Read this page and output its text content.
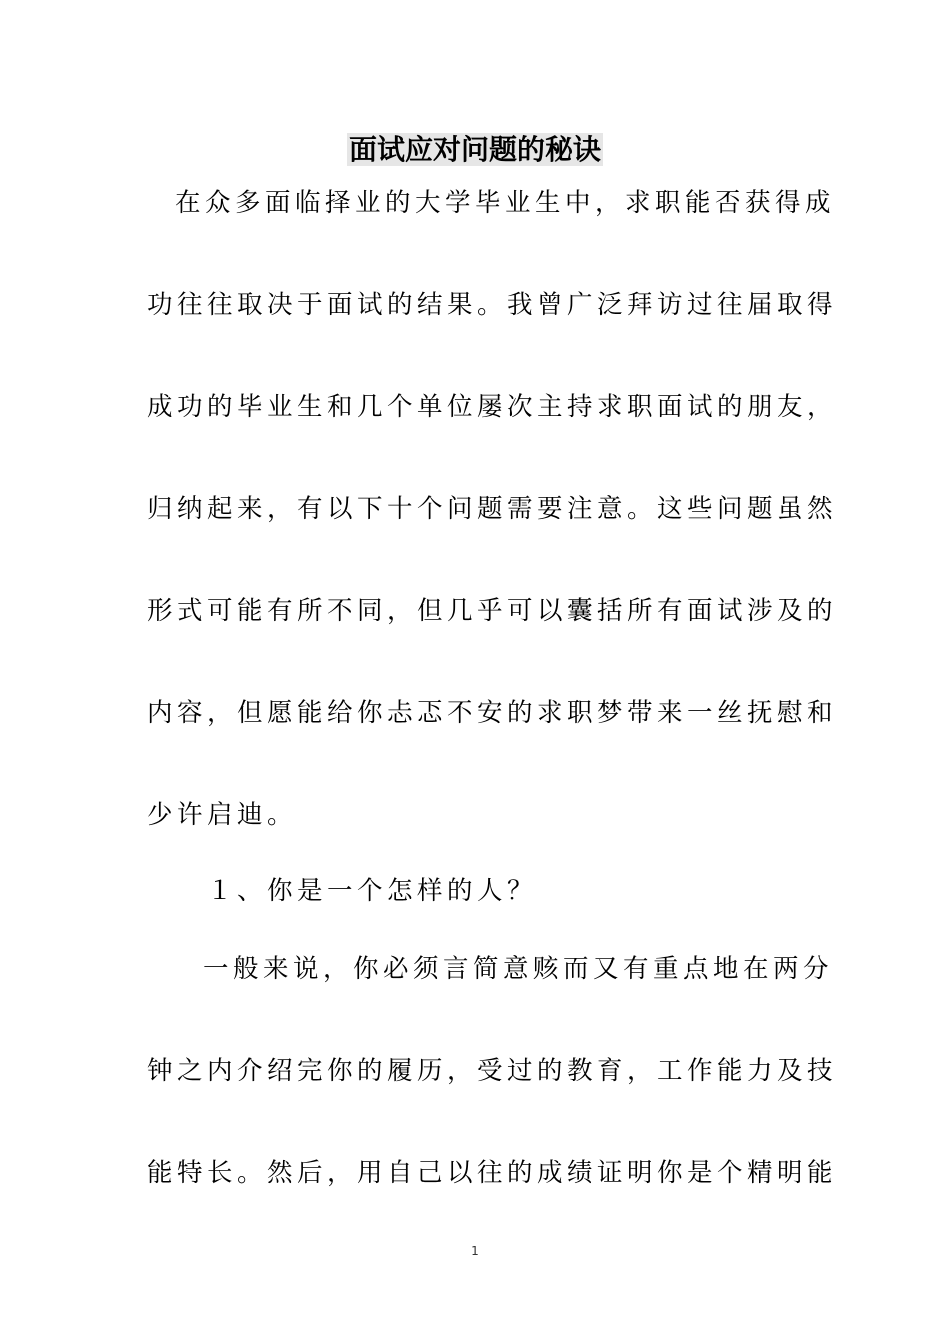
面试应对问题的秘诀

在众多面临择业的大学毕业生中，求职能否获得成
功往往取决于面试的结果。我曾广泛拜访过往届取得
成功的毕业生和几个单位屡次主持求职面试的朋友，
归纳起来，有以下十个问题需要注意。这些问题虽然
形式可能有所不同，但几乎可以囊括所有面试涉及的
内容，但愿能给你忐忑不安的求职梦带来一丝抚慰和
少许启迪。

１、你是一个怎样的人？

一般来说，你必须言简意赅而又有重点地在两分
钟之内介绍完你的履历，受过的教育，工作能力及技
能特长。然后，用自己以往的成绩证明你是个精明能

1
